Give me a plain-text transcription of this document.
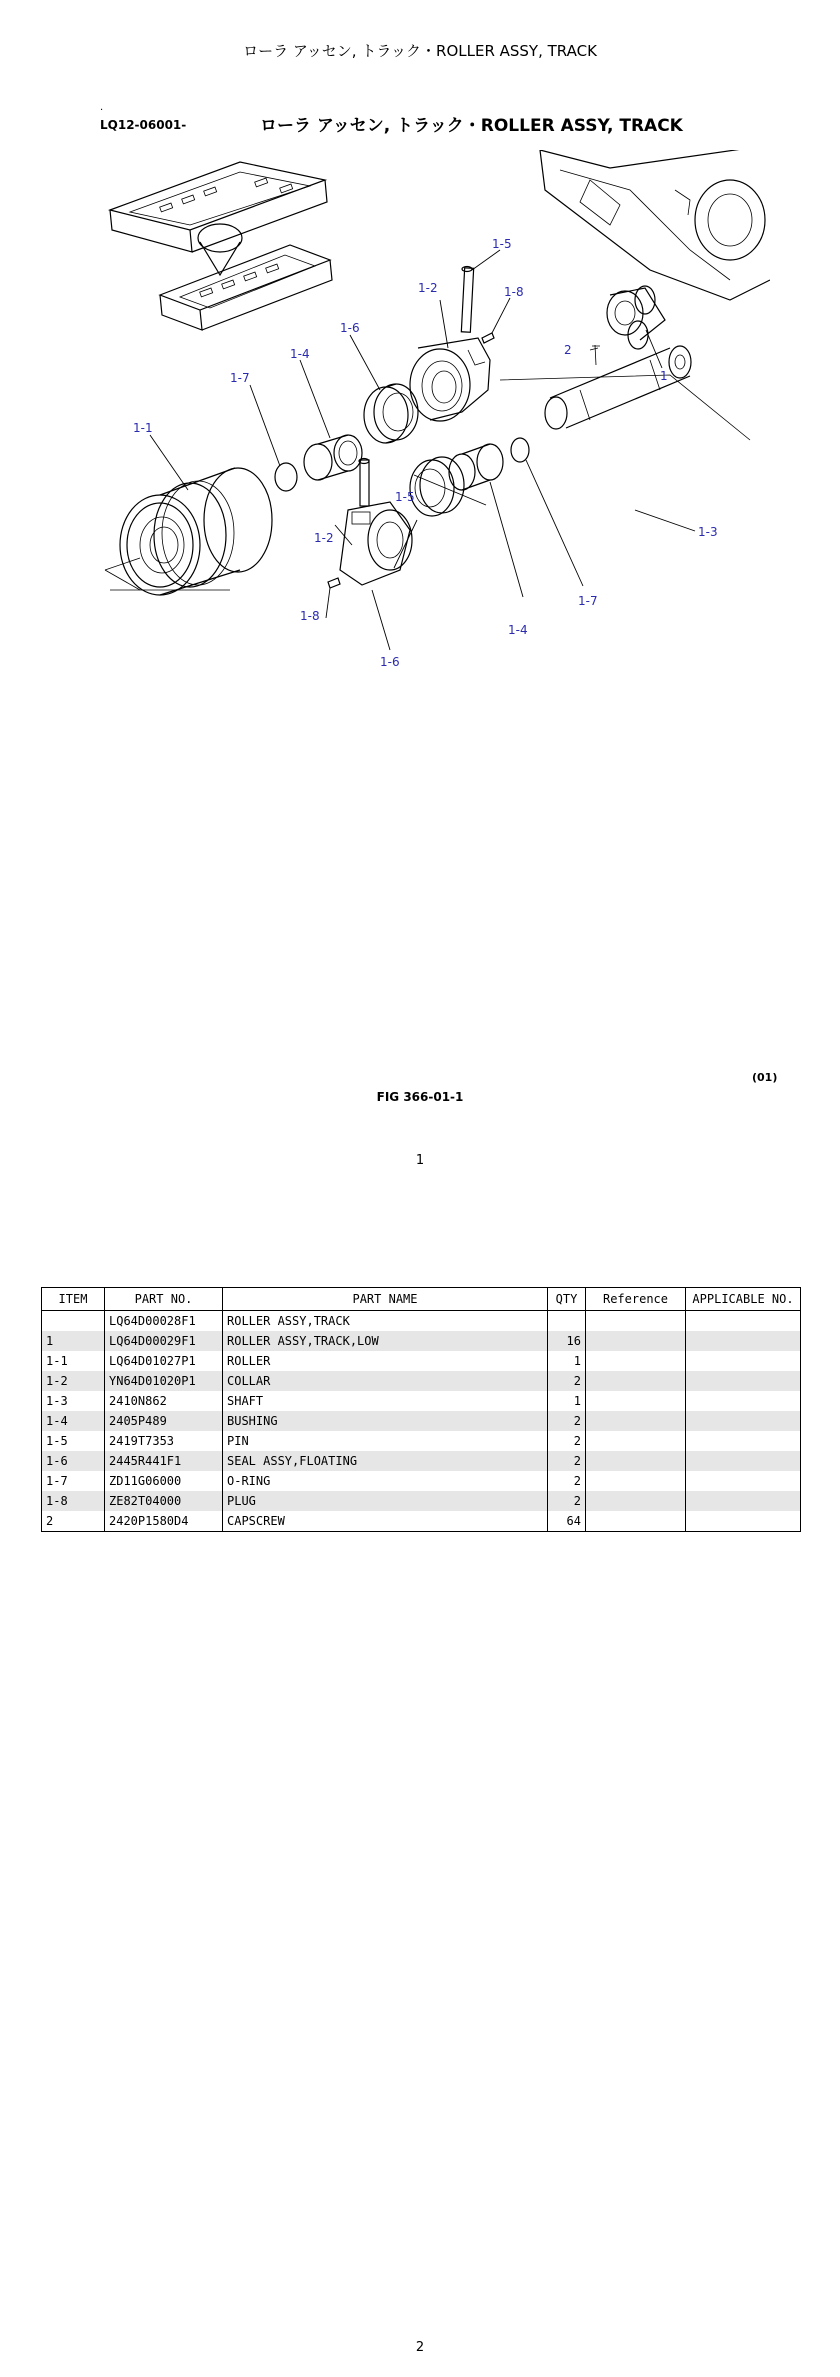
ローラ アッセン, トラック・ROLLER ASSY, TRACK
.
LQ12-06001-	ローラ アッセン, トラック・ROLLER ASSY, TRACK
1-5
1-2	1-8
1-6
1-4
1-7
1-1
2
1
1-3
1-5
1-2
1-8
1-6
1-4
1-7
(01)
FIG 366-01-1
1
ITEM	PART NO.	PART NAME	QTY	Reference	APPLICABLE NO.
	LQ64D00028F1	ROLLER ASSY,TRACK			
1	LQ64D00029F1	ROLLER ASSY,TRACK,LOW	16		
1-1	LQ64D01027P1	ROLLER	1		
1-2	YN64D01020P1	COLLAR	2		
1-3	2410N862	SHAFT	1		
1-4	2405P489	BUSHING	2		
1-5	2419T7353	PIN	2		
1-6	2445R441F1	SEAL ASSY,FLOATING	2		
1-7	ZD11G06000	O-RING	2		
1-8	ZE82T04000	PLUG	2		
2	2420P1580D4	CAPSCREW	64		
2
